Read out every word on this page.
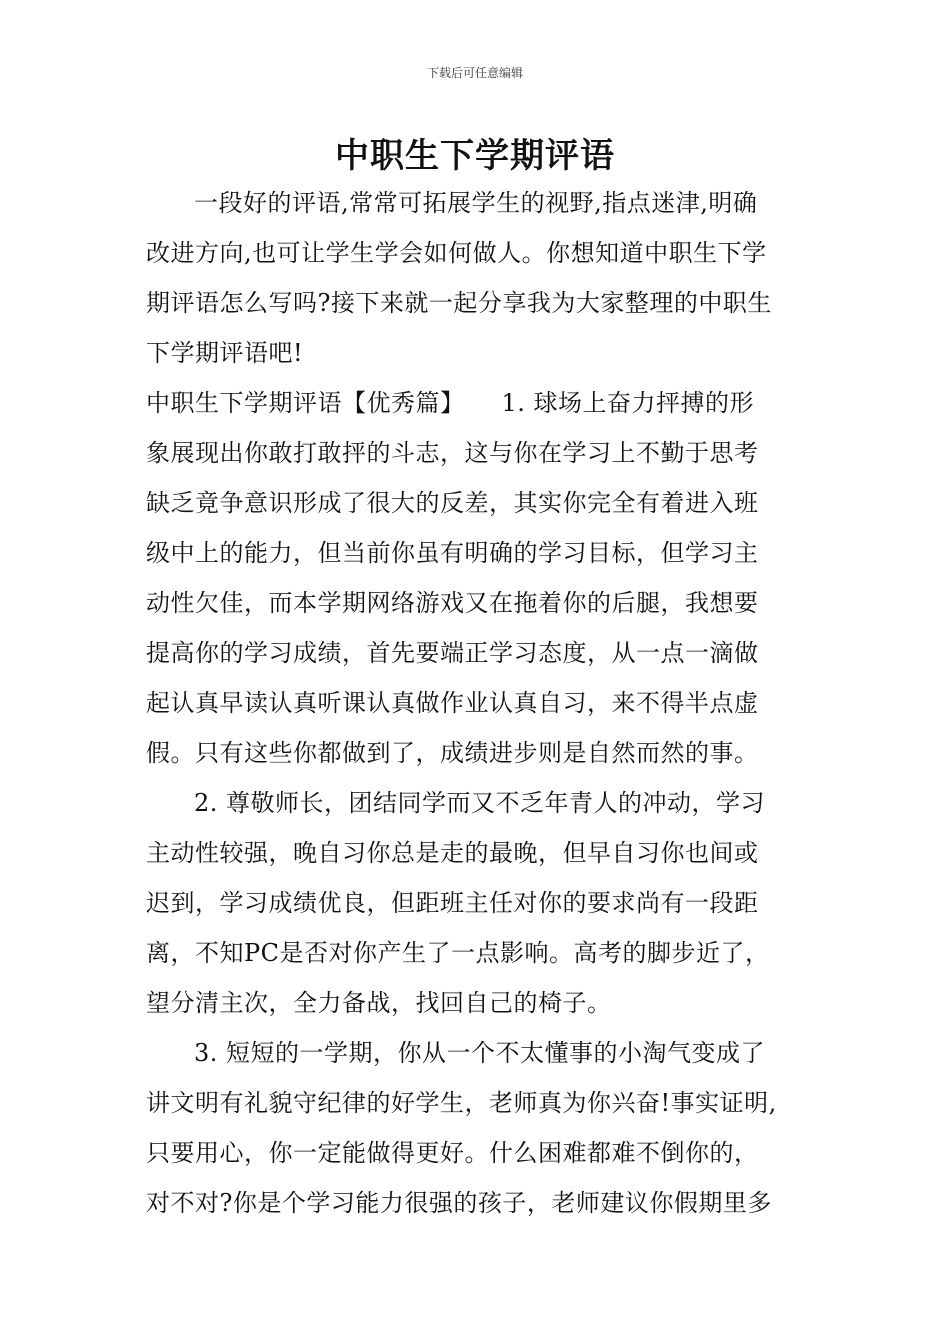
下载后可任意编辑
中职生下学期评语
一段好的评语,常常可拓展学生的视野,指点迷津,明确
改进方向,也可让学生学会如何做人。你想知道中职生下学
期评语怎么写吗?接下来就一起分享我为大家整理的中职生
下学期评语吧!
中职生下学期评语【优秀篇】　　1. 球场上奋力抨搏的形
象展现出你敢打敢抨的斗志，这与你在学习上不勤于思考
缺乏竟争意识形成了很大的反差，其实你完全有着进入班
级中上的能力，但当前你虽有明确的学习目标，但学习主
动性欠佳，而本学期网络游戏又在拖着你的后腿，我想要
提高你的学习成绩，首先要端正学习态度，从一点一滴做
起认真早读认真听课认真做作业认真自习，来不得半点虚
假。只有这些你都做到了，成绩进步则是自然而然的事。
2. 尊敬师长，团结同学而又不乏年青人的冲动，学习
主动性较强，晚自习你总是走的最晚，但早自习你也间或
迟到，学习成绩优良，但距班主任对你的要求尚有一段距
离，不知PC是否对你产生了一点影响。高考的脚步近了，
望分清主次，全力备战，找回自己的椅子。
3. 短短的一学期，你从一个不太懂事的小淘气变成了
讲文明有礼貌守纪律的好学生，老师真为你兴奋!事实证明,
只要用心，你一定能做得更好。什么困难都难不倒你的，
对不对?你是个学习能力很强的孩子，老师建议你假期里多
